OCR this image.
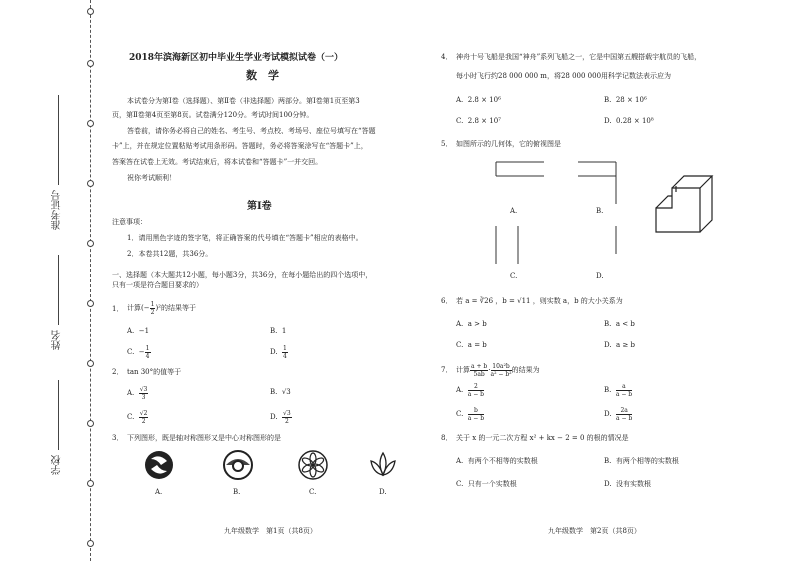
准考证号
姓名
学校
2018年滨海新区初中毕业生学业考试模拟试卷（一）
数　学
本试卷分为第Ⅰ卷（选择题）、第Ⅱ卷（非选择题）两部分。第Ⅰ卷第1页至第3
页，第Ⅱ卷第4页至第8页。试卷满分120分。考试时间100分钟。
答卷前，请你务必将自己的姓名、考生号、考点校、考场号、座位号填写在“答题
卡”上，并在规定位置粘贴考试用条形码。答题时，务必将答案涂写在“答题卡”上，
答案答在试卷上无效。考试结束后，将本试卷和“答题卡”一并交回。
祝你考试顺利！
第Ⅰ卷
注意事项：
1．请用黑色字迹的签字笔，将正确答案的代号填在“答题卡”相应的表格中。
2．本卷共12题，共36分。
一、选择题（本大题共12小题，每小题3分，共36分，在每小题给出的四个选项中，
只有一项是符合题目要求的）
1． 计算(− $\frac{1}{2} )^2$的结果等于
A. −1	B. 1
C. − $\frac{1}{4}$	D. $\frac{1}{4}$
2． tan 30°的值等于
A. $\frac{√3}{3}$	B. √3
C. $\frac{√2}{2}$	D. $\frac{√3}{2}$
3． 下列图形，既是轴对称图形又是中心对称图形的是
A.	B.	C.	D.
九年级数学　第1页（共8页）
4． 神舟十号飞船是我国“神舟”系列飞船之一，它是中国第五艘搭载宇航员的飞船，
每小时飞行约28 000 000 m，将28 000 000用科学记数法表示应为
A. 2.8 × 10⁶	B. 28 × 10⁶
C. 2.8 × 10⁷	D. 0.28 × 10⁸
5． 如图所示的几何体，它的俯视图是
A.	B.
C.	D.
6． 若 a = ∛26 ，b = √11 ，则实数 a，b 的大小关系为
A. a > b	B. a < b
C. a = b	D. a ≥ b
7． 计算 $\frac{a + b}{5ab} \cdot \frac{\text{10a²b}}{\text{a² − b²}}$ 的结果为
A. $\frac{2}{a - b}$	B. $\frac{a}{a - b}$
C. $\frac{b}{a - b}$	D. $\frac{2a}{a - b}$
8． 关于 x 的一元二次方程 x² + kx − 2 = 0 的根的情况是
A. 有两个不相等的实数根	B. 有两个相等的实数根
C. 只有一个实数根	D. 没有实数根
九年级数学　第2页（共8页）
